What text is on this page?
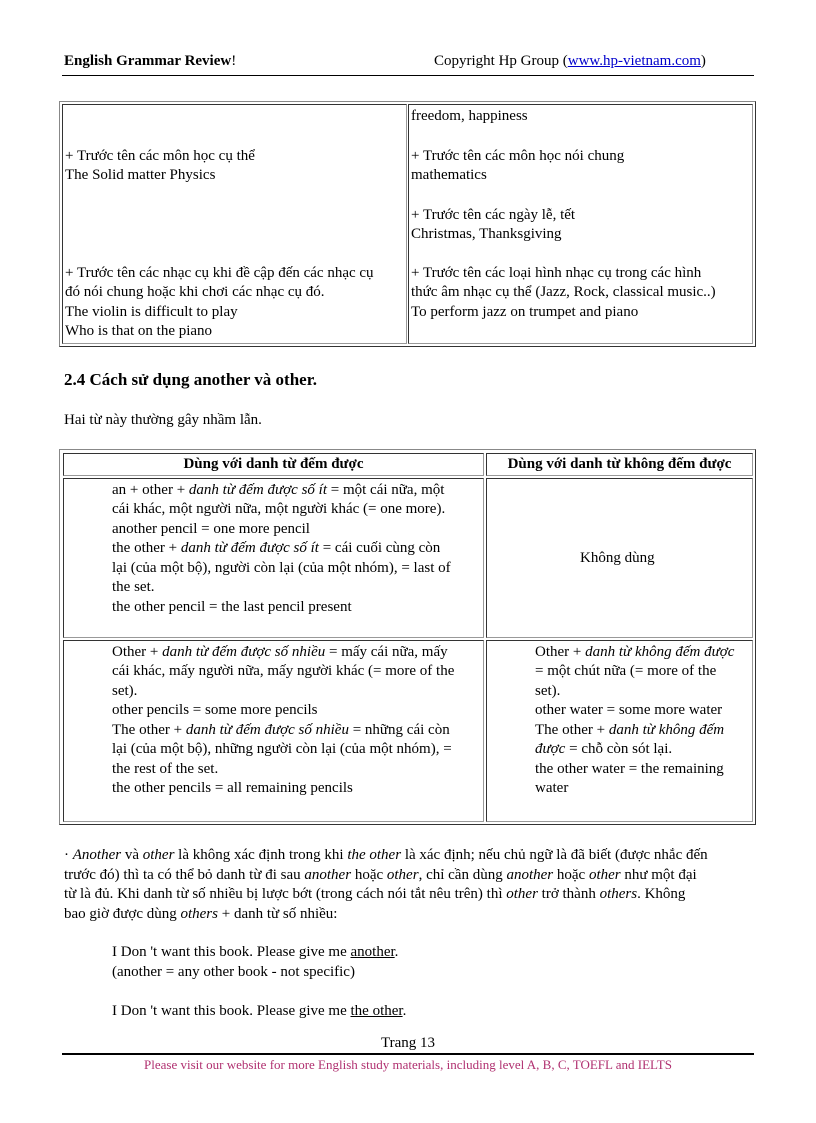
English Grammar Review!	Copyright Hp Group (www.hp-vietnam.com)
+ Trước tên các môn học cụ thể
The Solid matter Physics
+ Trước tên các nhạc cụ khi đề cập đến các nhạc cụ
đó nói chung hoặc khi chơi các nhạc cụ đó.
The violin is difficult to play
Who is that on the piano
freedom, happiness
+ Trước tên các môn học nói chung
mathematics
+ Trước tên các ngày lễ, tết
Christmas, Thanksgiving
+ Trước tên các loại hình nhạc cụ trong các hình
thức âm nhạc cụ thể (Jazz, Rock, classical music..)
To perform jazz on trumpet and piano
2.4 Cách sử dụng another và other.
Hai từ này thường gây nhầm lẫn.
Dùng với danh từ đếm được	Dùng với danh từ không đếm được
an + other + danh từ đếm được số ít = một cái nữa, một
cái khác, một người nữa, một người khác (= one more).
another pencil = one more pencil
the other + danh từ đếm được số ít = cái cuối cùng còn
lại (của một bộ), người còn lại (của một nhóm), = last of
the set.
the other pencil = the last pencil present
Không dùng
Other + danh từ đếm được số nhiều = mấy cái nữa, mấy
cái khác, mấy người nữa, mấy người khác (= more of the
set).
other pencils = some more pencils
The other + danh từ đếm được số nhiều = những cái còn
lại (của một bộ), những người còn lại (của một nhóm), =
the rest of the set.
the other pencils = all remaining pencils
Other + danh từ không đếm được
= một chút nữa (= more of the
set).
other water = some more water
The other + danh từ không đếm
được = chỗ còn sót lại.
the other water = the remaining
water

· Another và other là không xác định trong khi the other là xác định; nếu chủ ngữ là đã biết (được nhắc đến

trước đó) thì ta có thể bỏ danh từ đi sau another hoặc other, chỉ cần dùng another hoặc other như một đại

từ là đủ. Khi danh từ số nhiều bị lược bớt (trong cách nói tắt nêu trên) thì other trở thành others. Không

bao giờ được dùng others + danh từ số nhiều:

I Don 't want this book. Please give me another.
(another = any other book - not specific)
I Don 't want this book. Please give me the other.
Trang 13
Please visit our website for more English study materials, including level A, B, C, TOEFL and IELTS
